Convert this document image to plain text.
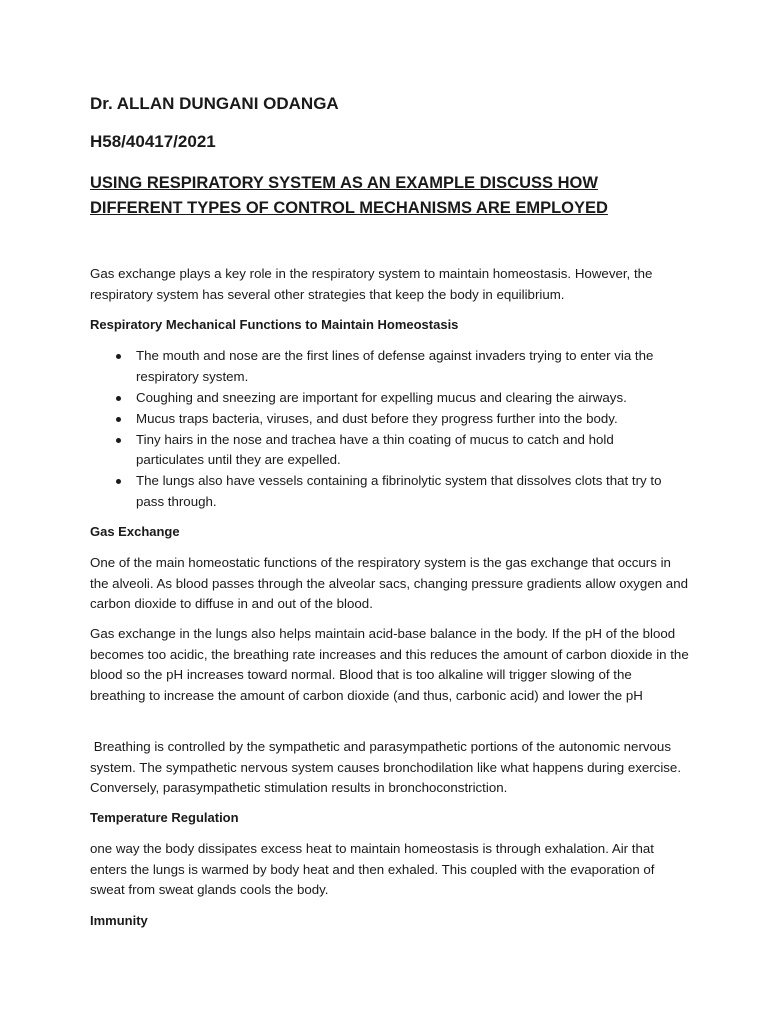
Dr. ALLAN DUNGANI ODANGA
H58/40417/2021
USING RESPIRATORY SYSTEM AS AN EXAMPLE DISCUSS HOW
DIFFERENT TYPES OF CONTROL MECHANISMS ARE EMPLOYED

Gas exchange plays a key role in the respiratory system to maintain homeostasis. However, the respiratory system has several other strategies that keep the body in equilibrium.

Respiratory Mechanical Functions to Maintain Homeostasis
The mouth and nose are the first lines of defense against invaders trying to enter via the respiratory system.
Coughing and sneezing are important for expelling mucus and clearing the airways.
Mucus traps bacteria, viruses, and dust before they progress further into the body.
Tiny hairs in the nose and trachea have a thin coating of mucus to catch and hold particulates until they are expelled.
The lungs also have vessels containing a fibrinolytic system that dissolves clots that try to pass through.
Gas Exchange

One of the main homeostatic functions of the respiratory system is the gas exchange that occurs in the alveoli. As blood passes through the alveolar sacs, changing pressure gradients allow oxygen and carbon dioxide to diffuse in and out of the blood.

Gas exchange in the lungs also helps maintain acid-base balance in the body. If the pH of the blood becomes too acidic, the breathing rate increases and this reduces the amount of carbon dioxide in the blood so the pH increases toward normal. Blood that is too alkaline will trigger slowing of the breathing to increase the amount of carbon dioxide (and thus, carbonic acid) and lower the pH

Breathing is controlled by the sympathetic and parasympathetic portions of the autonomic nervous system. The sympathetic nervous system causes bronchodilation like what happens during exercise. Conversely, parasympathetic stimulation results in bronchoconstriction.

Temperature Regulation

one way the body dissipates excess heat to maintain homeostasis is through exhalation. Air that enters the lungs is warmed by body heat and then exhaled. This coupled with the evaporation of sweat from sweat glands cools the body.

Immunity
